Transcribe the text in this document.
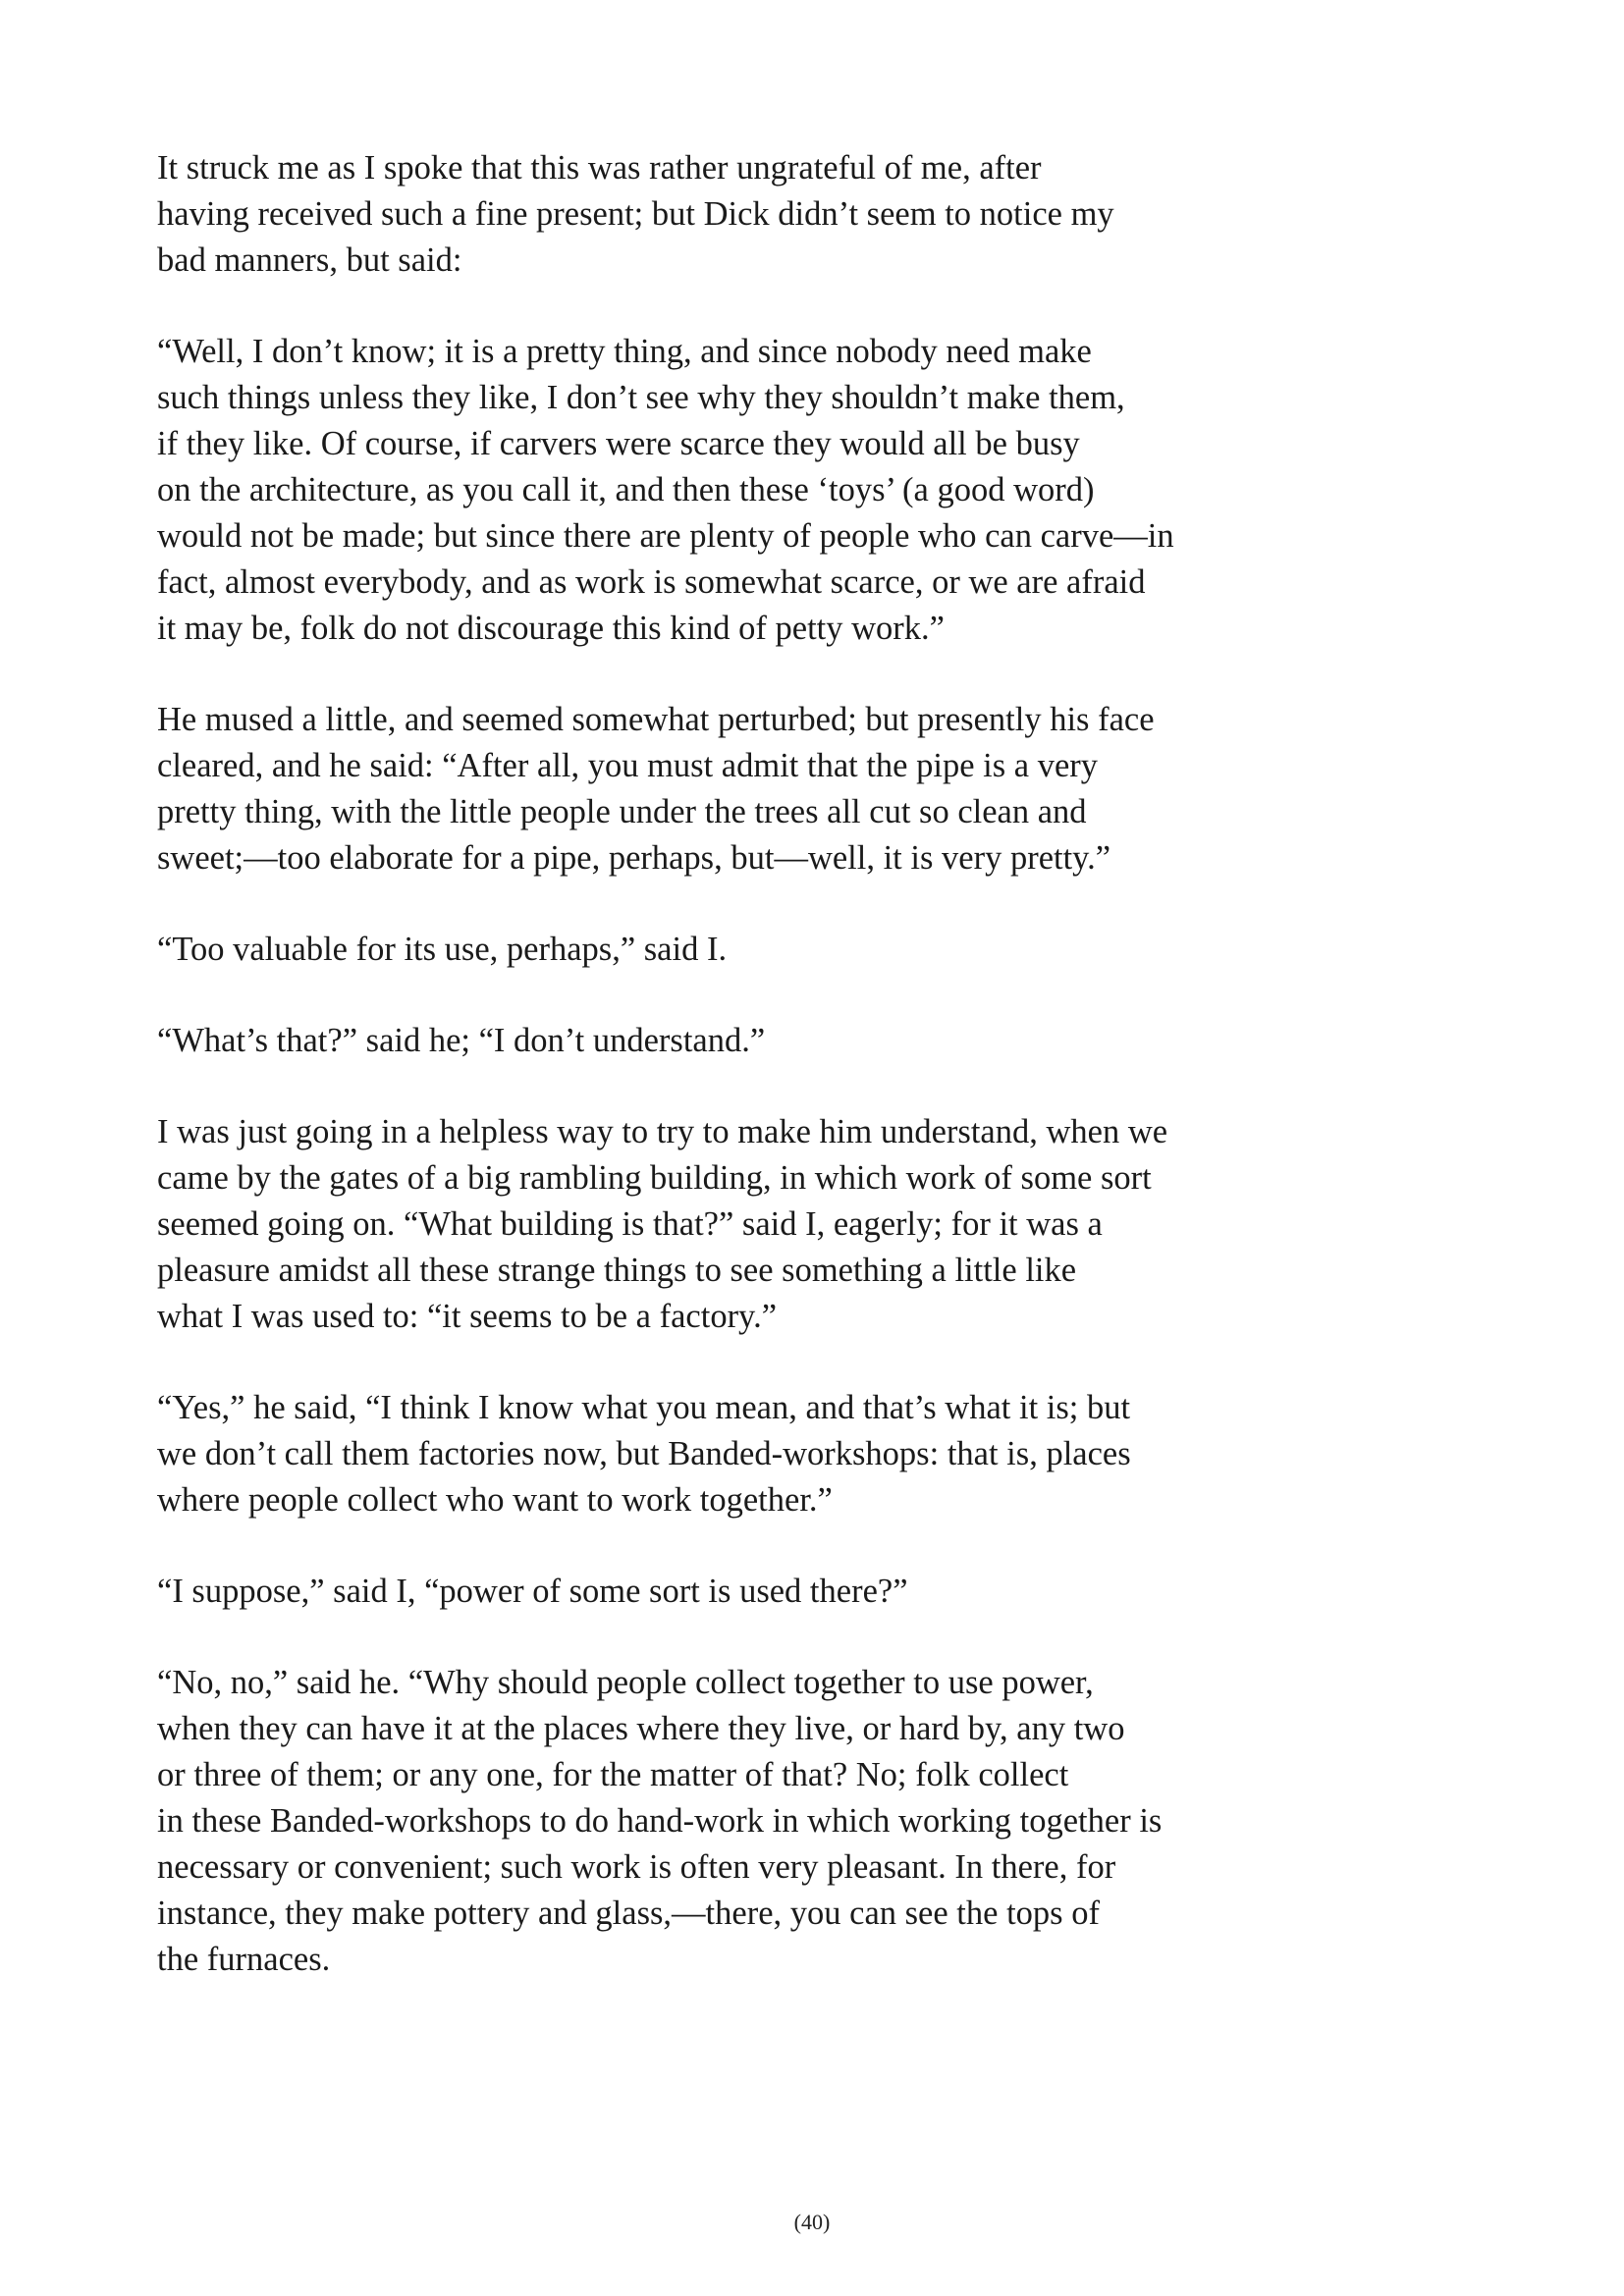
It struck me as I spoke that this was rather ungrateful of me, after
having received such a fine present; but Dick didn’t seem to notice my
bad manners, but said:

“Well, I don’t know; it is a pretty thing, and since nobody need make
such things unless they like, I don’t see why they shouldn’t make them,
if they like. Of course, if carvers were scarce they would all be busy
on the architecture, as you call it, and then these ‘toys’ (a good word)
would not be made; but since there are plenty of people who can carve—in
fact, almost everybody, and as work is somewhat scarce, or we are afraid
it may be, folk do not discourage this kind of petty work.”

He mused a little, and seemed somewhat perturbed; but presently his face
cleared, and he said: “After all, you must admit that the pipe is a very
pretty thing, with the little people under the trees all cut so clean and
sweet;—too elaborate for a pipe, perhaps, but—well, it is very pretty.”

“Too valuable for its use, perhaps,” said I.

“What’s that?” said he; “I don’t understand.”

I was just going in a helpless way to try to make him understand, when we
came by the gates of a big rambling building, in which work of some sort
seemed going on. “What building is that?” said I, eagerly; for it was a
pleasure amidst all these strange things to see something a little like
what I was used to: “it seems to be a factory.”

“Yes,” he said, “I think I know what you mean, and that’s what it is; but
we don’t call them factories now, but Banded-workshops: that is, places
where people collect who want to work together.”

“I suppose,” said I, “power of some sort is used there?”

“No, no,” said he. “Why should people collect together to use power,
when they can have it at the places where they live, or hard by, any two
or three of them; or any one, for the matter of that? No; folk collect
in these Banded-workshops to do hand-work in which working together is
necessary or convenient; such work is often very pleasant. In there, for
instance, they make pottery and glass,—there, you can see the tops of
the furnaces.

(40)
